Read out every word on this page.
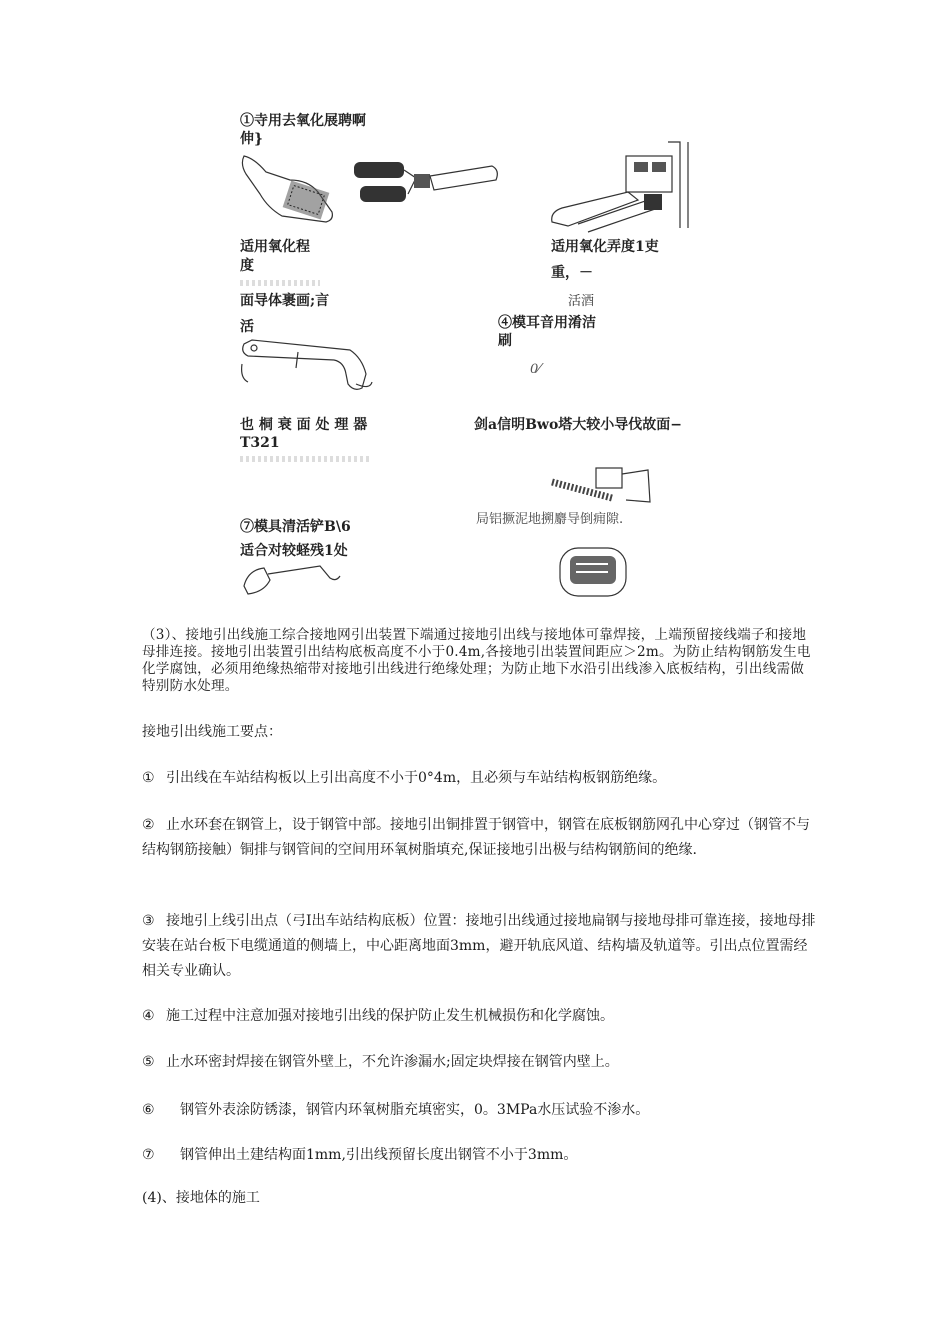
①寺用去氧化展聘啊
伸}
适用氧化程
度
适用氧化弄度1吏
重，－
活酒
面导体裹画;言
活	④模耳音用淆洁
刷
0⁄
也 桐 衰 面 处 理 器
T321
剑a信明Bwo塔大较小导伐故面−
局铝撅泥地搠麝导倒痈隙.
⑦模具清活铲B\6
适合对较蛏残1处
（3）、接地引出线施工综合接地网引出装置下端通过接地引出线与接地体可靠焊接，上端预留接线端子和接地母排连接。接地引出装置引出结构底板高度不小于0.4m,各接地引出装置间距应＞2m。为防止结构钢筋发生电化学腐蚀，必须用绝缘热缩带对接地引出线进行绝缘处理；为防止地下水沿引出线渗入底板结构，引出线需做特别防水处理。
接地引出线施工要点：
① 引出线在车站结构板以上引出高度不小于0°4m，且必须与车站结构板钢筋绝缘。
② 止水环套在钢管上，设于钢管中部。接地引出铜排置于钢管中，钢管在底板钢筋网孔中心穿过（钢管不与结构钢筋接触）铜排与钢管间的空间用环氧树脂填充,保证接地引出极与结构钢筋间的绝缘.
③ 接地引上线引出点（弓I出车站结构底板）位置：接地引出线通过接地扁钢与接地母排可靠连接，接地母排安装在站台板下电缆通道的侧墙上，中心距离地面3mm，避开轨底风道、结构墙及轨道等。引出点位置需经相关专业确认。
④ 施工过程中注意加强对接地引出线的保护防止发生机械损伤和化学腐蚀。
⑤ 止水环密封焊接在钢管外壁上，不允许渗漏水;固定块焊接在钢管内壁上。
⑥ 钢管外表涂防锈漆，钢管内环氧树脂充填密实，0。3MPa水压试验不渗水。
⑦ 钢管伸出土建结构面1mm,引出线预留长度出钢管不小于3mm。
(4)、接地体的施工
